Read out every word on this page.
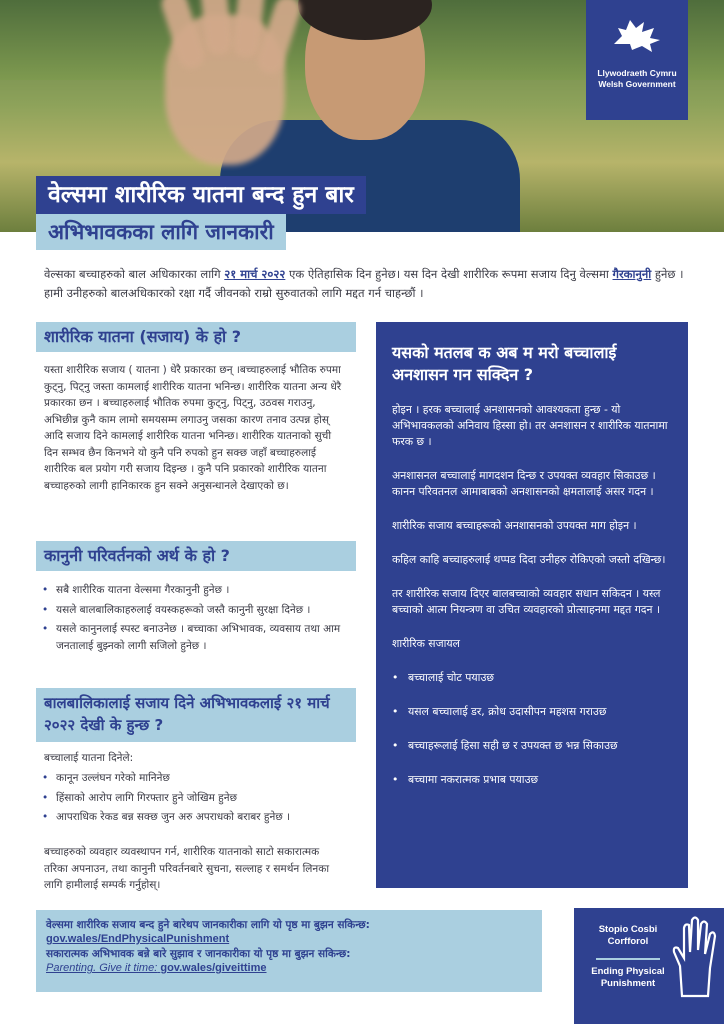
Llywodraeth Cymru
Welsh Government
वेल्समा शारीरिक यातना बन्द हुन बार
अभिभावकका लागि जानकारी
वेल्सका बच्चाहरुको बाल अधिकारका लागि २१ मार्च २०२२ एक ऐतिहासिक दिन हुनेछ। यस दिन देखी शारीरिक रूपमा सजाय दिनु वेल्समा गैरकानुनी हुनेछ । हामी उनीहरुको बालअधिकारको रक्षा गर्दै जीवनको राम्रो सुरुवातको लागि मद्दत गर्न चाहन्छौं ।
शारीरिक यातना (सजाय) के हो ?
यस्ता शारीरिक सजाय ( यातना ) धेरै प्रकारका छन् ।बच्चाहरुलाई भौतिक रुपमा कुट्नु, पिट्नु जस्ता कामलाई शारीरिक यातना भनिन्छ। शारीरिक यातना अन्य धेरै प्रकारका छन । बच्चाहरुलाई भौतिक रुपमा कुट्नु, पिट्नु, उठवस गराउनु, अभिछीन्न कुनै काम लामो समयसम्म लगाउनु जसका कारण तनाव उत्पन्न होस् आदि सजाय दिने कामलाई शारीरिक यातना भनिन्छ। शारीरिक यातनाको सुची दिन सम्भव छैन किनभने यो कुनै पनि रुपको हुन सक्छ जहाँ बच्चाहरुलाई शारीरिक बल प्रयोग गरी सजाय दिइन्छ । कुनै पनि प्रकारको शारीरिक यातना बच्चाहरुको लागी हानिकारक हुन सक्ने अनुसन्धानले देखाएको छ।
कानुनी परिवर्तनको अर्थ के हो ?
• सबै शारीरिक यातना वेल्समा गैरकानुनी हुनेछ ।
• यसले बालबालिकाहरुलाई वयस्कहरूको जस्तै कानुनी सुरक्षा दिनेछ ।
• यसले कानुनलाई स्पस्ट बनाउनेछ । बच्चाका अभिभावक, व्यवसाय तथा आम जनतालाई बुझ्नको लागी सजिलो हुनेछ ।
बालबालिकालाई सजाय दिने अभिभावकलाई २१ मार्च २०२२ देखी के हुन्छ ?
बच्चालाई यातना दिनेले:
• कानून उल्लंघन गरेको मानिनेछ
• हिंसाको आरोप लागि गिरफ्तार हुने जोखिम हुनेछ
• आपराधिक रेकड बन्न सक्छ जुन अरु अपराधको बराबर हुनेछ ।
बच्चाहरुको व्यवहार व्यवस्थापन गर्न, शारीरिक यातनाको साटो सकारात्मक तरिका अपनाउन, तथा कानुनी परिवर्तनबारे सुचना, सल्लाह र समर्थन लिनका लागि हामीलाई सम्पर्क गर्नुहोस्।
यसको मतलब क अब म मरो बच्चालाई अनशासन गन सक्दिन ?

होइन । हरक बच्चालाई अनशासनको आवश्यकता हुन्छ - यो अभिभावकलको अनिवाय हिस्सा हो। तर अनशासन र शारीरिक यातनामा फरक छ ।

अनशासनल बच्चालाई मागदशन दिन्छ र उपयक्त व्यवहार सिकाउछ । कानन परिवतनल आमाबाबको अनशासनको क्षमतालाई असर गदन ।

शारीरिक सजाय बच्चाहरूको अनशासनको उपयक्त माग होइन ।

कहिल काहि बच्चाहरुलाई थप्पड दिदा उनीहरु रोकिएको जस्तो दखिन्छ।

तर शारीरिक सजाय दिएर बालबच्चाको व्यवहार सधान सकिदन । यस्ल बच्चाको आत्म नियन्त्रण वा उचित व्यवहारको प्रोत्साहनमा मद्दत गदन ।

शारीरिक सजायल

• बच्चालाई चोट पयाउछ
• यसल बच्चालाई डर, क्रोध उदासीपन महशस गराउछ
• बच्चाहरूलाई हिसा सही छ र उपयक्त छ भन्न सिकाउछ
• बच्चामा नकरात्मक प्रभाब पयाउछ
वेल्समा शारीरिक सजाय बन्द हुने बारेथप जानकारीका लागि यो पृष्ठ मा बुझन सकिन्छ:
gov.wales/EndPhysicalPunishment
सकारात्मक अभिभावक बन्ने बारे सुझाव र जानकारीका यो पृष्ठ मा बुझन सकिन्छ:
Parenting. Give it time: gov.wales/giveittime
Stopio Cosbi
Corfforol
Ending Physical
Punishment
